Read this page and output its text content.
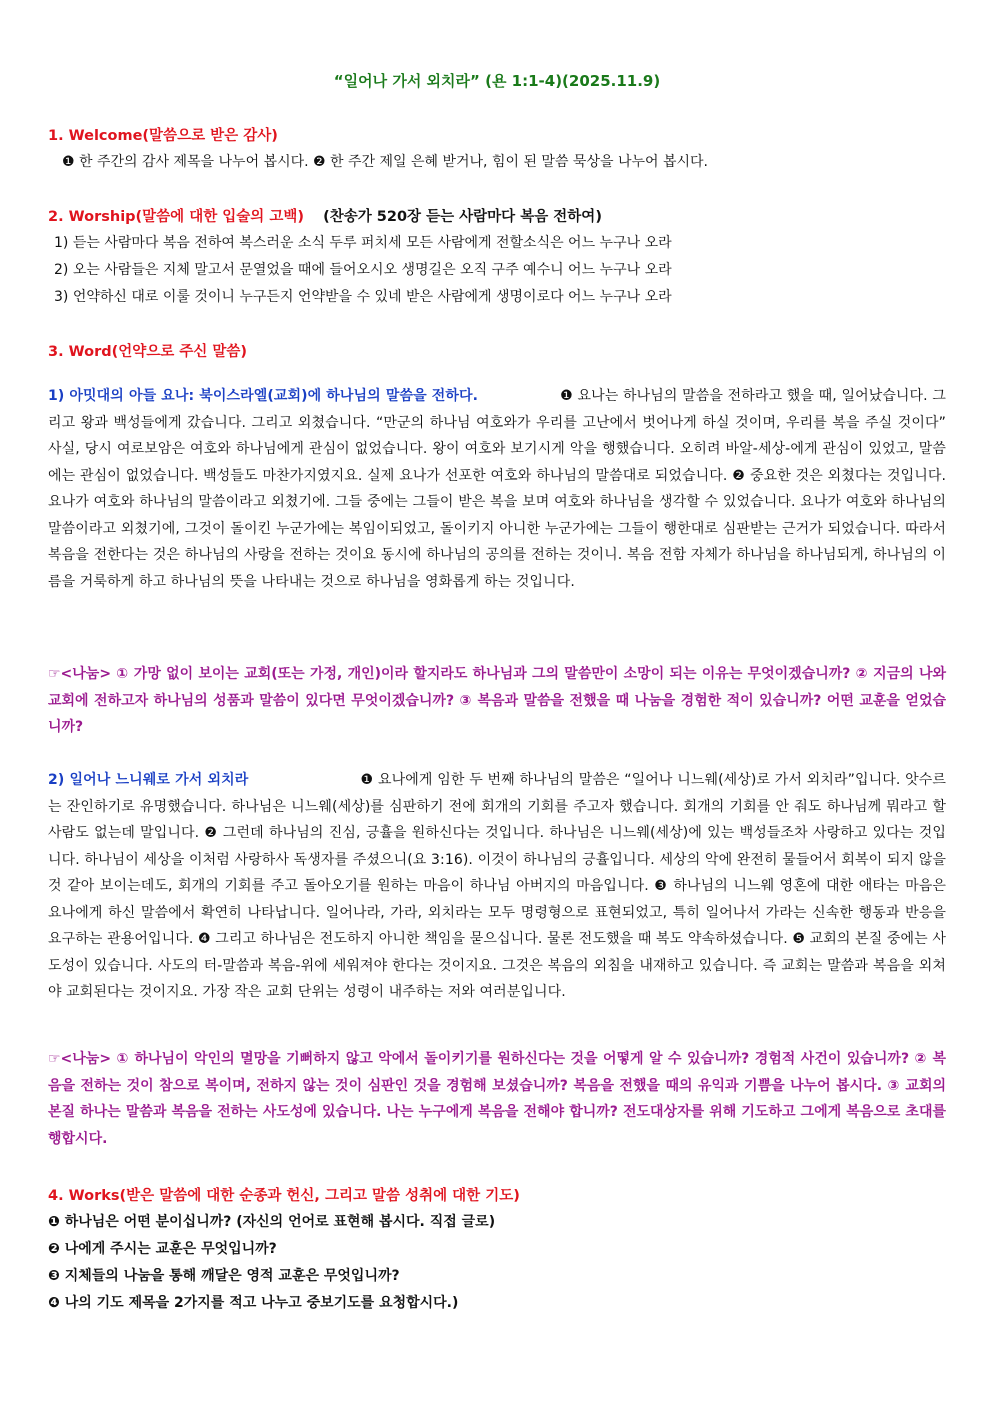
“일어나 가서 외치라” (욘 1:1-4)(2025.11.9)
1. Welcome(말씀으로 받은 감사)
❶ 한 주간의 감사 제목을 나누어 봅시다. ❷ 한 주간 제일 은혜 받거나, 힘이 된 말씀 묵상을 나누어 봅시다.
2. Worship(말씀에 대한 입술의 고백) (찬송가 520장 듣는 사람마다 복음 전하여)
1) 듣는 사람마다 복음 전하여 복스러운 소식 두루 퍼치세 모든 사람에게 전할소식은 어느 누구나 오라
2) 오는 사람들은 지체 말고서 문열었을 때에 들어오시오 생명길은 오직 구주 예수니 어느 누구나 오라
3) 언약하신 대로 이룰 것이니 누구든지 언약받을 수 있네 받은 사람에게 생명이로다 어느 누구나 오라
3. Word(언약으로 주신 말씀)
1) 아밋대의 아들 요나: 북이스라엘(교회)에 하나님의 말씀을 전하다.	❶ 요나는 하나님의 말씀을 전하라고 했을 때, 일어났습니다. 그리고 왕과 백성들에게 갔습니다. 그리고 외쳤습니다. “만군의 하나님 여호와가 우리를 고난에서 벗어나게 하실 것이며, 우리를 복을 주실 것이다” 사실, 당시 여로보암은 여호와 하나님에게 관심이 없었습니다. 왕이 여호와 보기시게 악을 행했습니다. 오히려 바알-세상-에게 관심이 있었고, 말씀에는 관심이 없었습니다. 백성들도 마찬가지였지요. 실제 요나가 선포한 여호와 하나님의 말씀대로 되었습니다. ❷ 중요한 것은 외쳤다는 것입니다. 요나가 여호와 하나님의 말씀이라고 외쳤기에. 그들 중에는 그들이 받은 복을 보며 여호와 하나님을 생각할 수 있었습니다. 요나가 여호와 하나님의 말씀이라고 외쳤기에, 그것이 돌이킨 누군가에는 복임이되었고, 돌이키지 아니한 누군가에는 그들이 행한대로 심판받는 근거가 되었습니다. 따라서 복음을 전한다는 것은 하나님의 사랑을 전하는 것이요 동시에 하나님의 공의를 전하는 것이니. 복음 전함 자체가 하나님을 하나님되게, 하나님의 이름을 거룩하게 하고 하나님의 뜻을 나타내는 것으로 하나님을 영화롭게 하는 것입니다.
☞<나눔> ① 가망 없이 보이는 교회(또는 가정, 개인)이라 할지라도 하나님과 그의 말씀만이 소망이 되는 이유는 무엇이겠습니까? ② 지금의 나와 교회에 전하고자 하나님의 성품과 말씀이 있다면 무엇이겠습니까? ③ 복음과 말씀을 전했을 때 나눔을 경험한 적이 있습니까? 어떤 교훈을 얻었습니까?
2) 일어나 느니웨로 가서 외치라	❶ 요나에게 임한 두 번째 하나님의 말씀은 “일어나 니느웨(세상)로 가서 외치라”입니다. 앗수르는 잔인하기로 유명했습니다. 하나님은 니느웨(세상)를 심판하기 전에 회개의 기회를 주고자 했습니다. 회개의 기회를 안 줘도 하나님께 뭐라고 할 사람도 없는데 말입니다. ❷ 그런데 하나님의 진심, 긍휼을 원하신다는 것입니다. 하나님은 니느웨(세상)에 있는 백성들조차 사랑하고 있다는 것입니다. 하나님이 세상을 이처럼 사랑하사 독생자를 주셨으니(요 3:16). 이것이 하나님의 긍휼입니다. 세상의 악에 완전히 물들어서 회복이 되지 않을 것 같아 보이는데도, 회개의 기회를 주고 돌아오기를 원하는 마음이 하나님 아버지의 마음입니다. ❸ 하나님의 니느웨 영혼에 대한 애타는 마음은 요나에게 하신 말씀에서 확연히 나타납니다. 일어나라, 가라, 외치라는 모두 명령형으로 표현되었고, 특히 일어나서 가라는 신속한 행동과 반응을 요구하는 관용어입니다. ❹ 그리고 하나님은 전도하지 아니한 책임을 묻으십니다. 물론 전도했을 때 복도 약속하셨습니다. ❺ 교회의 본질 중에는 사도성이 있습니다. 사도의 터-말씀과 복음-위에 세워져야 한다는 것이지요. 그것은 복음의 외침을 내재하고 있습니다. 즉 교회는 말씀과 복음을 외쳐야 교회된다는 것이지요. 가장 작은 교회 단위는 성령이 내주하는 저와 여러분입니다.
☞<나눔> ① 하나님이 악인의 멸망을 기뻐하지 않고 악에서 돌이키기를 원하신다는 것을 어떻게 알 수 있습니까? 경험적 사건이 있습니까? ② 복음을 전하는 것이 참으로 복이며, 전하지 않는 것이 심판인 것을 경험해 보셨습니까? 복음을 전했을 때의 유익과 기쁨을 나누어 봅시다. ③ 교회의 본질 하나는 말씀과 복음을 전하는 사도성에 있습니다. 나는 누구에게 복음을 전해야 합니까? 전도대상자를 위해 기도하고 그에게 복음으로 초대를 행합시다.
4. Works(받은 말씀에 대한 순종과 헌신, 그리고 말씀 성취에 대한 기도)
❶ 하나님은 어떤 분이십니까? (자신의 언어로 표현해 봅시다. 직접 글로)
❷ 나에게 주시는 교훈은 무엇입니까?
❸ 지체들의 나눔을 통해 깨달은 영적 교훈은 무엇입니까?
❹ 나의 기도 제목을 2가지를 적고 나누고 중보기도를 요청합시다.)
